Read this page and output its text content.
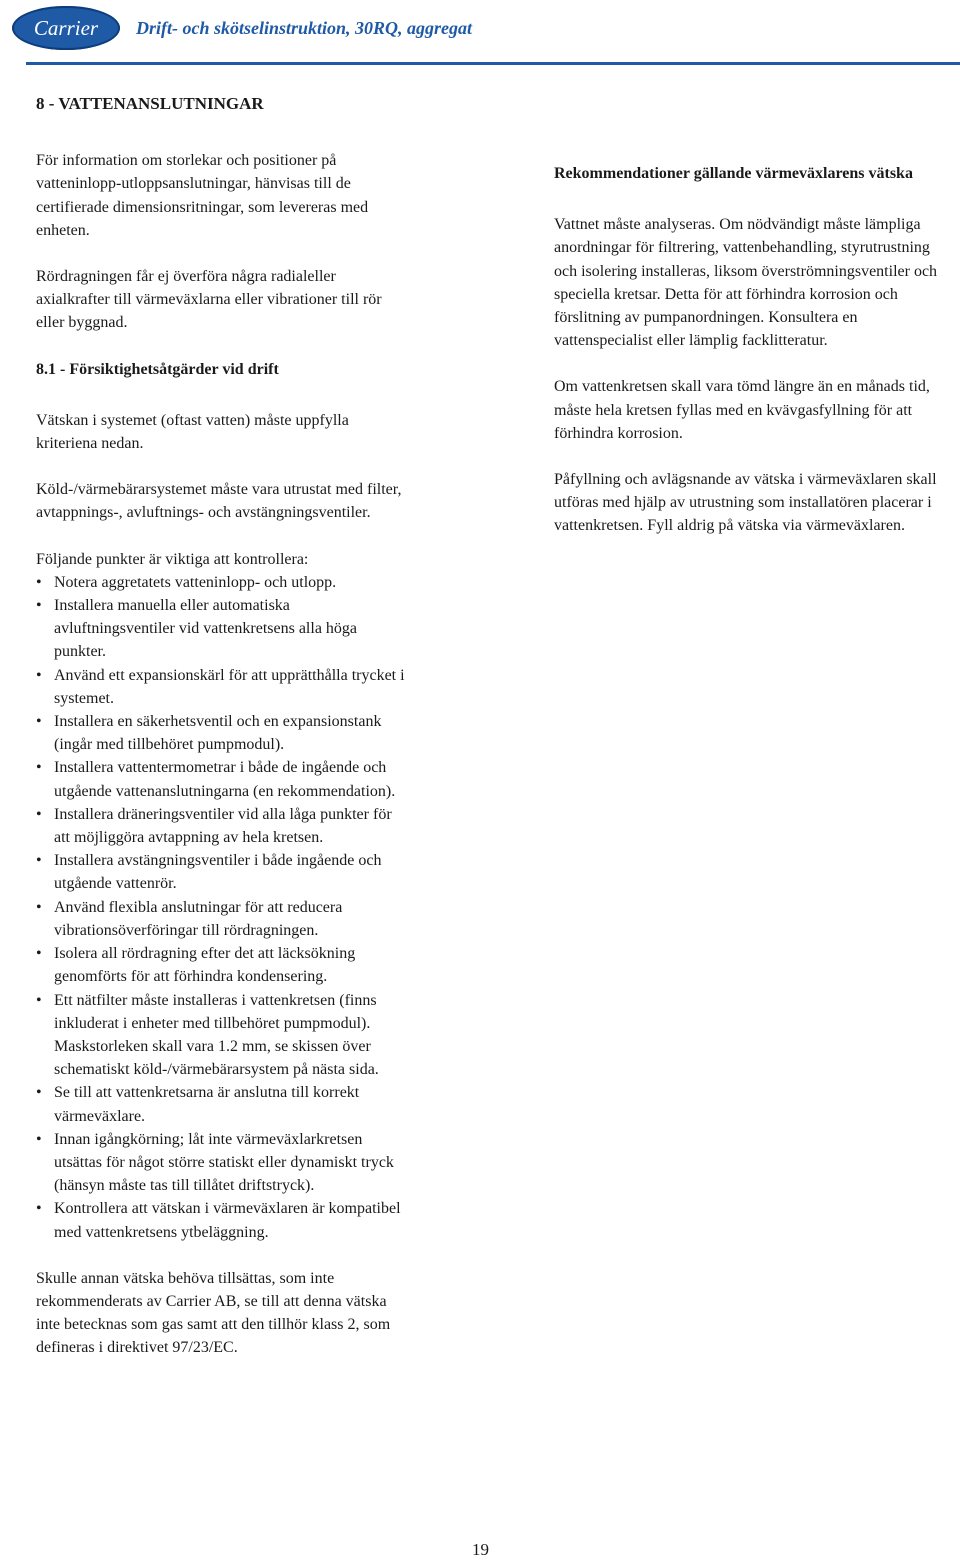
Carrier	Drift- och skötselinstruktion, 30RQ, aggregat
8 - VATTENANSLUTNINGAR

För information om storlekar och positioner på vatteninlopp-utloppsanslutningar, hänvisas till de certifierade dimensionsritningar, som levereras med enheten.

Rördragningen får ej överföra några radialeller axialkrafter till värmeväxlarna eller vibrationer till rör eller byggnad.

8.1 - Försiktighetsåtgärder vid drift

Vätskan i systemet (oftast vatten) måste uppfylla kriteriena nedan.

Köld-/värmebärarsystemet måste vara utrustat med filter, avtappnings-, avluftnings- och avstängningsventiler.

Följande punkter är viktiga att kontrollera:

• Notera aggretatets vatteninlopp- och utlopp.
• Installera manuella eller automatiska avluftningsventiler vid vattenkretsens alla höga punkter.
• Använd ett expansionskärl för att upprätthålla trycket i systemet.
• Installera en säkerhetsventil och en expansionstank (ingår med tillbehöret pumpmodul).
• Installera vattentermometrar i både de ingående och utgående vattenanslutningarna (en rekommendation).
• Installera dräneringsventiler vid alla låga punkter för att möjliggöra avtappning av hela kretsen.
• Installera avstängningsventiler i både ingående och utgående vattenrör.
• Använd flexibla anslutningar för att reducera vibrationsöverföringar till rördragningen.
• Isolera all rördragning efter det att läcksökning genomförts för att förhindra kondensering.
• Ett nätfilter måste installeras i vattenkretsen (finns inkluderat i enheter med tillbehöret pumpmodul). Maskstorleken skall vara 1.2 mm, se skissen över schematiskt köld-/värmebärarsystem på nästa sida.
• Se till att vattenkretsarna är anslutna till korrekt värmeväxlare.
• Innan igångkörning; låt inte värmeväxlarkretsen utsättas för något större statiskt eller dynamiskt tryck (hänsyn måste tas till tillåtet driftstryck).
• Kontrollera att vätskan i värmeväxlaren är kompatibel med vattenkretsens ytbeläggning.

Skulle annan vätska behöva tillsättas, som inte rekommenderats av Carrier AB, se till att denna vätska inte betecknas som gas samt att den tillhör klass 2, som defineras i direktivet 97/23/EC.

Rekommendationer gällande värmeväxlarens vätska

Vattnet måste analyseras. Om nödvändigt måste lämpliga anordningar för filtrering, vattenbehandling, styrutrustning och isolering installeras, liksom överströmningsventiler och speciella kretsar. Detta för att förhindra korrosion och förslitning av pumpanordningen. Konsultera en vattenspecialist eller lämplig facklitteratur.

Om vattenkretsen skall vara tömd längre än en månads tid, måste hela kretsen fyllas med en kvävgasfyllning för att förhindra korrosion.

Påfyllning och avlägsnande av vätska i värmeväxlaren skall utföras med hjälp av utrustning som installatören placerar i vattenkretsen. Fyll aldrig på vätska via värmeväxlaren.

19
